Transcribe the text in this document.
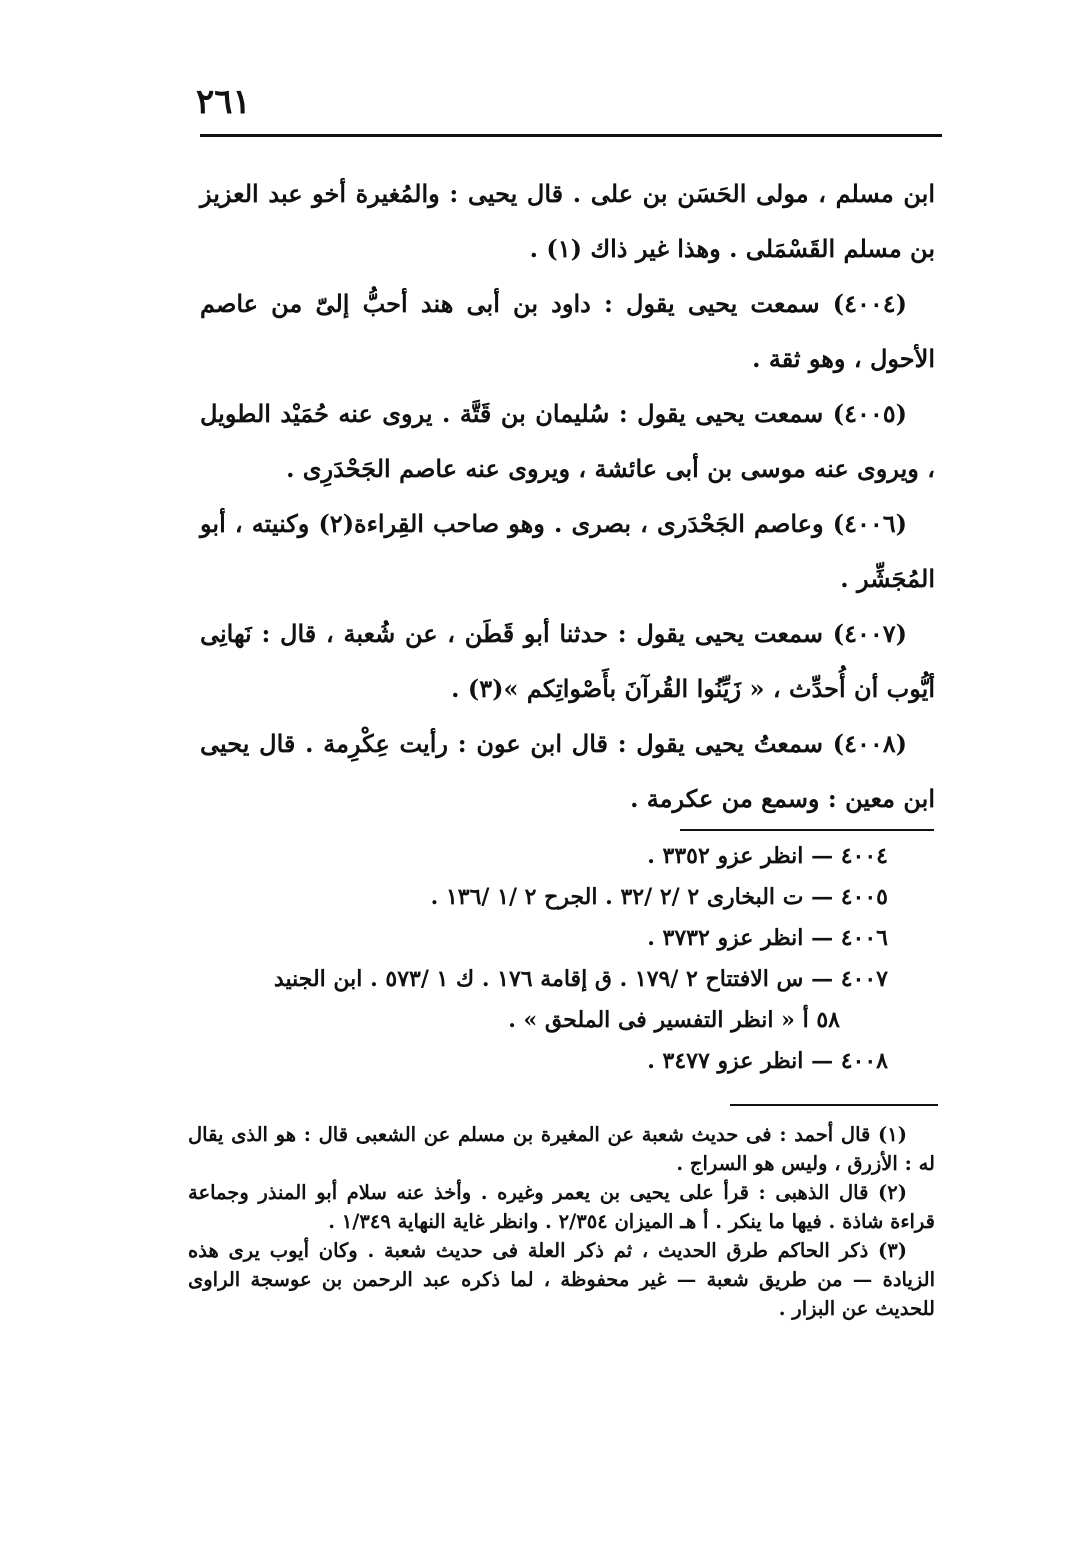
٢٦١

ابن مسلم ، مولى الحَسَن بن على . قال يحيى : والمُغيرة أخو عبد العزيز بن مسلم القَسْمَلى . وهذا غير ذاك (١) .

(٤٠٠٤) سمعت يحيى يقول : داود بن أبى هند أحبُّ إلىّ من عاصم الأحول ، وهو ثقة .

(٤٠٠٥) سمعت يحيى يقول : سُليمان بن قَتَّة . يروى عنه حُمَيْد الطويل ، ويروى عنه موسى بن أبى عائشة ، ويروى عنه عاصم الجَحْدَرِى .

(٤٠٠٦) وعاصم الجَحْدَرى ، بصرى . وهو صاحب القِراءة(٢) وكنيته ، أبو المُجَشِّر .

(٤٠٠٧) سمعت يحيى يقول : حدثنا أبو قَطَن ، عن شُعبة ، قال : نَهانِى أيُّوب أن أُحدِّث ، « زَيِّنُوا القُرآنَ بأَصْواتِكم »(٣) .

(٤٠٠٨) سمعتُ يحيى يقول : قال ابن عون : رأيت عِكْرِمة . قال يحيى ابن معين : وسمع من عكرمة .

٤٠٠٤ — انظر عزو ٣٣٥٢ .
٤٠٠٥ — ت البخارى ٢ /٢ /٣٢ . الجرح ٢ /١ /١٣٦ .
٤٠٠٦ — انظر عزو ٣٧٣٢ .
٤٠٠٧ — س الافتتاح ٢ /١٧٩ . ق إقامة ١٧٦ . ك ١ /٥٧٣ . ابن الجنيد
٥٨ أ « انظر التفسير فى الملحق » .
٤٠٠٨ — انظر عزو ٣٤٧٧ .

(١) قال أحمد : فى حديث شعبة عن المغيرة بن مسلم عن الشعبى قال : هو الذى يقال له : الأزرق ، وليس هو السراج .

(٢) قال الذهبى : قرأ على يحيى بن يعمر وغيره . وأخذ عنه سلام أبو المنذر وجماعة قراءة شاذة . فيها ما ينكر . أ هـ الميزان ٢/٣٥٤ . وانظر غاية النهاية ١/٣٤٩ .

(٣) ذكر الحاكم طرق الحديث ، ثم ذكر العلة فى حديث شعبة . وكان أيوب يرى هذه الزيادة — من طريق شعبة — غير محفوظة ، لما ذكره عبد الرحمن بن عوسجة الراوى للحديث عن البزار .
